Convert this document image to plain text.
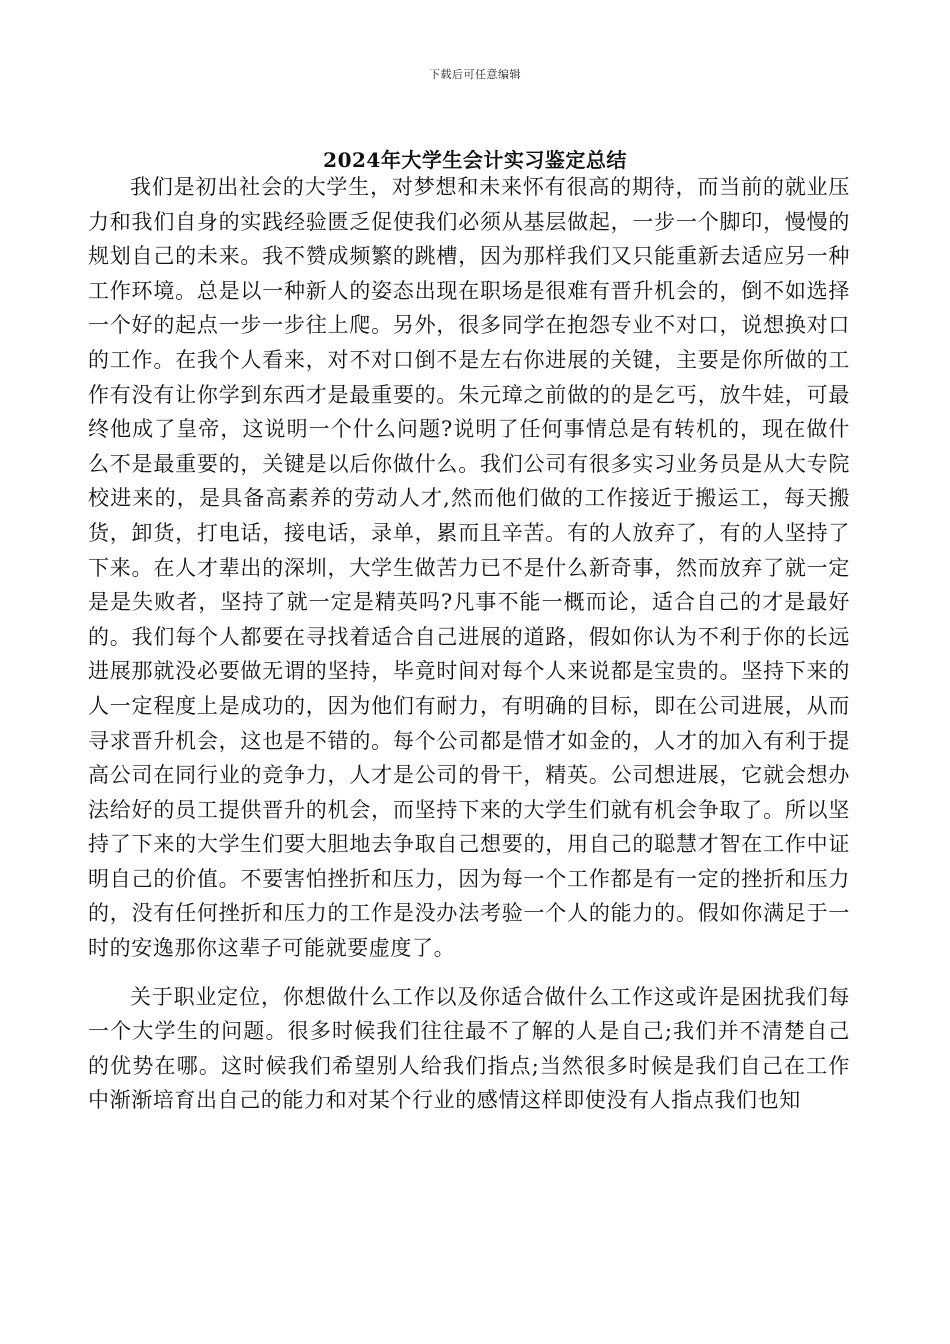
下载后可任意编辑
2024年大学生会计实习鉴定总结

我们是初出社会的大学生，对梦想和未来怀有很高的期待，而当前的就业压力和我们自身的实践经验匮乏促使我们必须从基层做起，一步一个脚印，慢慢的规划自己的未来。我不赞成频繁的跳槽，因为那样我们又只能重新去适应另一种工作环境。总是以一种新人的姿态出现在职场是很难有晋升机会的，倒不如选择一个好的起点一步一步往上爬。另外，很多同学在抱怨专业不对口，说想换对口的工作。在我个人看来，对不对口倒不是左右你进展的关键，主要是你所做的工作有没有让你学到东西才是最重要的。朱元璋之前做的的是乞丐，放牛娃，可最终他成了皇帝，这说明一个什么问题?说明了任何事情总是有转机的，现在做什么不是最重要的，关键是以后你做什么。我们公司有很多实习业务员是从大专院校进来的，是具备高素养的劳动人才,然而他们做的工作接近于搬运工，每天搬货，卸货，打电话，接电话，录单，累而且辛苦。有的人放弃了，有的人坚持了下来。在人才辈出的深圳，大学生做苦力已不是什么新奇事，然而放弃了就一定是是失败者，坚持了就一定是精英吗?凡事不能一概而论，适合自己的才是最好的。我们每个人都要在寻找着适合自己进展的道路，假如你认为不利于你的长远进展那就没必要做无谓的坚持，毕竟时间对每个人来说都是宝贵的。坚持下来的人一定程度上是成功的，因为他们有耐力，有明确的目标，即在公司进展，从而寻求晋升机会，这也是不错的。每个公司都是惜才如金的，人才的加入有利于提高公司在同行业的竞争力，人才是公司的骨干，精英。公司想进展，它就会想办法给好的员工提供晋升的机会，而坚持下来的大学生们就有机会争取了。所以坚持了下来的大学生们要大胆地去争取自己想要的，用自己的聪慧才智在工作中证明自己的价值。不要害怕挫折和压力，因为每一个工作都是有一定的挫折和压力的，没有任何挫折和压力的工作是没办法考验一个人的能力的。假如你满足于一时的安逸那你这辈子可能就要虚度了。

关于职业定位，你想做什么工作以及你适合做什么工作这或许是困扰我们每一个大学生的问题。很多时候我们往往最不了解的人是自己;我们并不清楚自己的优势在哪。这时候我们希望别人给我们指点;当然很多时候是我们自己在工作中渐渐培育出自己的能力和对某个行业的感情这样即使没有人指点我们也知
